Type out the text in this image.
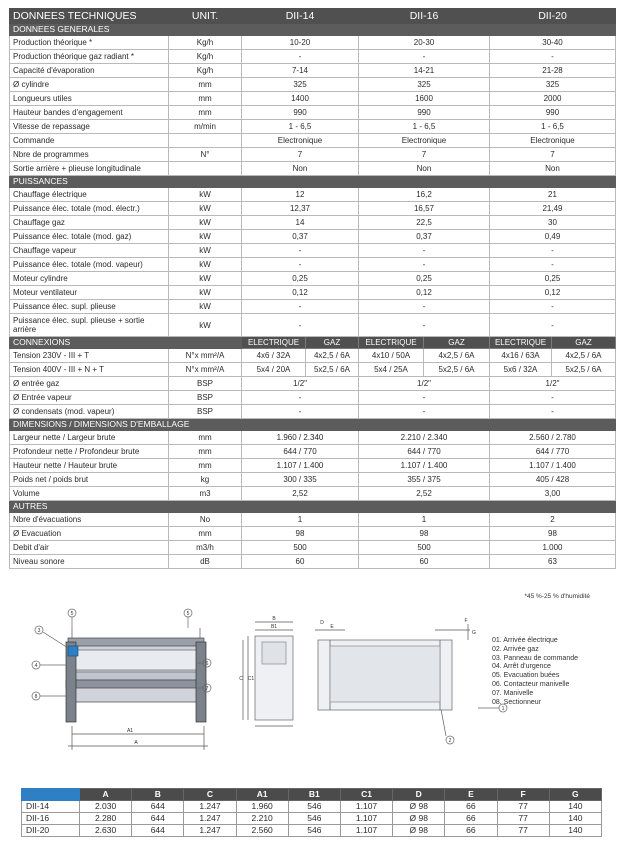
DONNEES TECHNIQUES	UNIT.	DII-14		DII-16		DII-20	
DONNEES GENERALES							
Production théorique *	Kg/h	10-20		20-30		30-40	
Production théorique gaz radiant *	Kg/h	-		-		-	
Capacité d'évaporation	Kg/h	7-14		14-21		21-28	
Ø cylindre	mm	325		325		325	
Longueurs utiles	mm	1400		1600		2000	
Hauteur bandes d'engagement	mm	990		990		990	
Vitesse de repassage	m/min	1 - 6,5		1 - 6,5		1 - 6,5	
Commande		Electronique		Electronique		Electronique	
Nbre de programmes	N°	7		7		7	
Sortie arrière + plieuse longitudinale		Non		Non		Non	
PUISSANCES							
Chauffage électrique	kW	12		16,2		21	
Puissance élec. totale (mod. électr.)	kW	12,37		16,57		21,49	
Chauffage gaz	kW	14		22,5		30	
Puissance élec. totale (mod. gaz)	kW	0,37		0,37		0,49	
Chauffage vapeur	kW	-		-		-	
Puissance élec. totale (mod. vapeur)	kW	-		-		-	
Moteur cylindre	kW	0,25		0,25		0,25	
Moteur ventilateur	kW	0,12		0,12		0,12	
Puissance élec. supl. plieuse	kW	-		-		-	
Puissance élec. supl. plieuse + sortie arrière	kW	-		-		-	
CONNEXIONS		ELECTRIQUE	GAZ	ELECTRIQUE	GAZ	ELECTRIQUE	GAZ
Tension 230V - III + T	N°x mm²/A	4x6 / 32A	4x2,5 / 6A	4x10 / 50A	4x2,5 / 6A	4x16 / 63A	4x2,5 / 6A
Tension 400V - III + N + T	N°x mm²/A	5x4 / 20A	5x2,5 / 6A	5x4 / 25A	5x2,5 / 6A	5x6 / 32A	5x2,5 / 6A
Ø entrée gaz	BSP	1/2"		1/2"		1/2"	
Ø Entrée vapeur	BSP	-		-		-	
Ø condensats (mod. vapeur)	BSP	-		-		-	
DIMENSIONS / DIMENSIONS D'EMBALLAGE							
Largeur nette / Largeur brute	mm	1.960 / 2.340		2.210 / 2.340		2.560 / 2.780	
Profondeur nette / Profondeur brute	mm	644 / 770		644 / 770		644 / 770	
Hauteur nette / Hauteur brute	mm	1.107 / 1.400		1.107 / 1.400		1.107 / 1.400	
Poids net / poids brut	kg	300 / 335		355 / 375		405 / 428	
Volume	m3	2,52		2,52		3,00	
AUTRES							
Nbre d'évacuations	No	1		1		2	
Ø Evacuation	mm	98		98		98	
Debit d'air	m3/h	500		500		1.000	
Niveau sonore	dB	60		60		63	
*45 %-25 % d'humidité
5	5
3
4
8
6
7
2
1
A1
A
B
B1
C C1
E
F
G
D
01. Arrivée électrique
02. Arrivée gaz
03. Panneau de commande
04. Arrêt d'urgence
05. Evacuation buées
06. Contacteur manivelle
07. Manivelle
08. Sectionneur
	A	B	C	A1	B1	C1	D	E	F	G
DII-14	2.030	644	1.247	1.960	546	1.107	Ø 98	66	77	140
DII-16	2.280	644	1.247	2.210	546	1.107	Ø 98	66	77	140
DII-20	2.630	644	1.247	2.560	546	1.107	Ø 98	66	77	140
